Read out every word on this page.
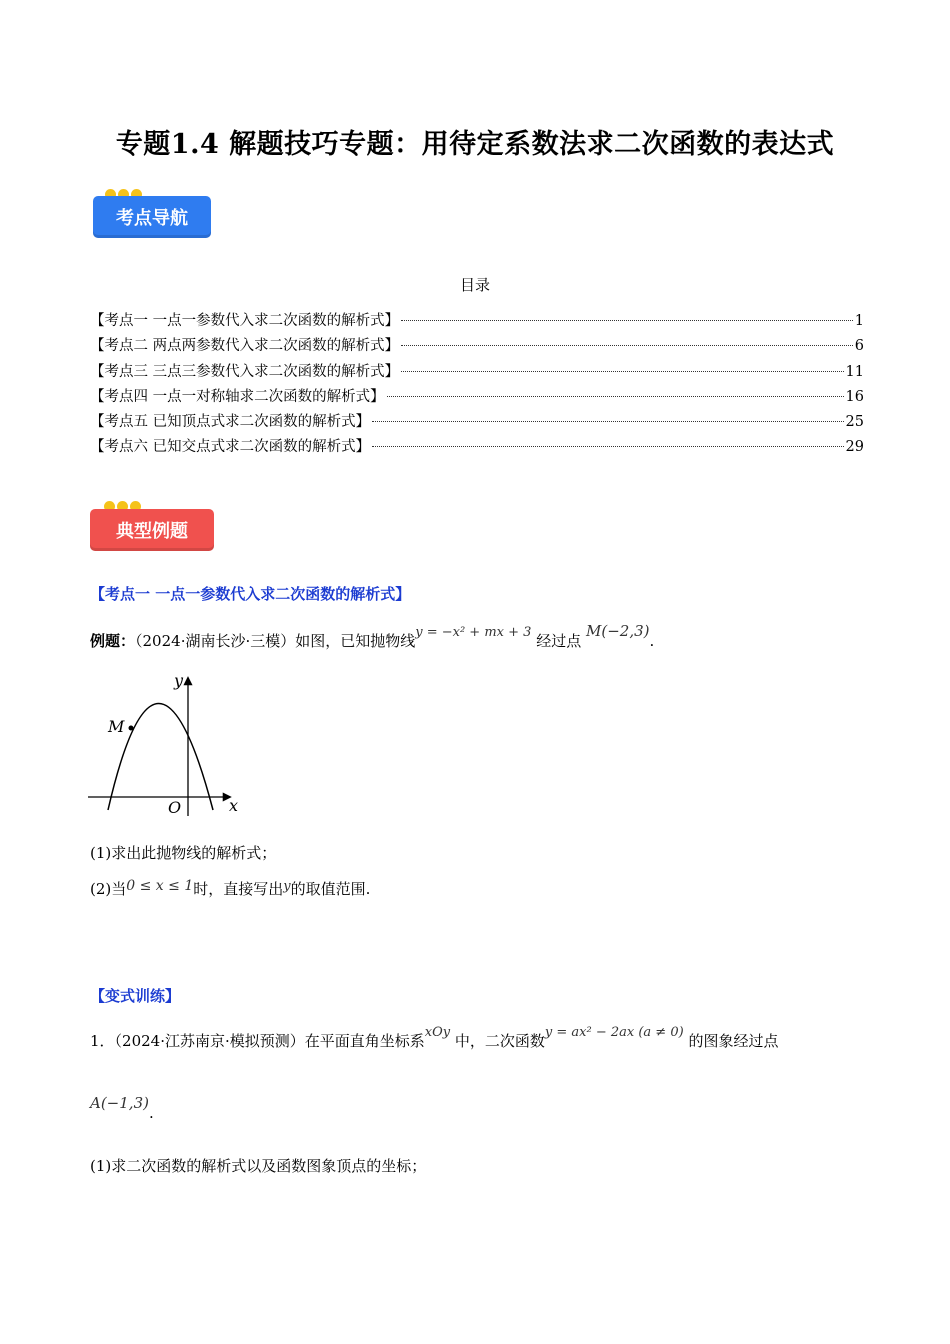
专题1.4 解题技巧专题：用待定系数法求二次函数的表达式
考点导航
目录
【考点一 一点一参数代入求二次函数的解析式】	1
【考点二 两点两参数代入求二次函数的解析式】	6
【考点三 三点三参数代入求二次函数的解析式】	11
【考点四 一点一对称轴求二次函数的解析式】	16
【考点五 已知顶点式求二次函数的解析式】	25
【考点六 已知交点式求二次函数的解析式】	29
典型例题
【考点一 一点一参数代入求二次函数的解析式】
例题：（2024·湖南长沙·三模）如图，已知抛物线y = −x² + mx + 3 经过点 M(−2,3).
M
y
x
O
(1)求出此抛物线的解析式；
(2)当0 ≤ x ≤ 1时，直接写出y的取值范围.
【变式训练】
1．（2024·江苏南京·模拟预测）在平面直角坐标系xOy 中，二次函数y = ax² − 2ax (a ≠ 0) 的图象经过点
A(−1,3).
(1)求二次函数的解析式以及函数图象顶点的坐标；
